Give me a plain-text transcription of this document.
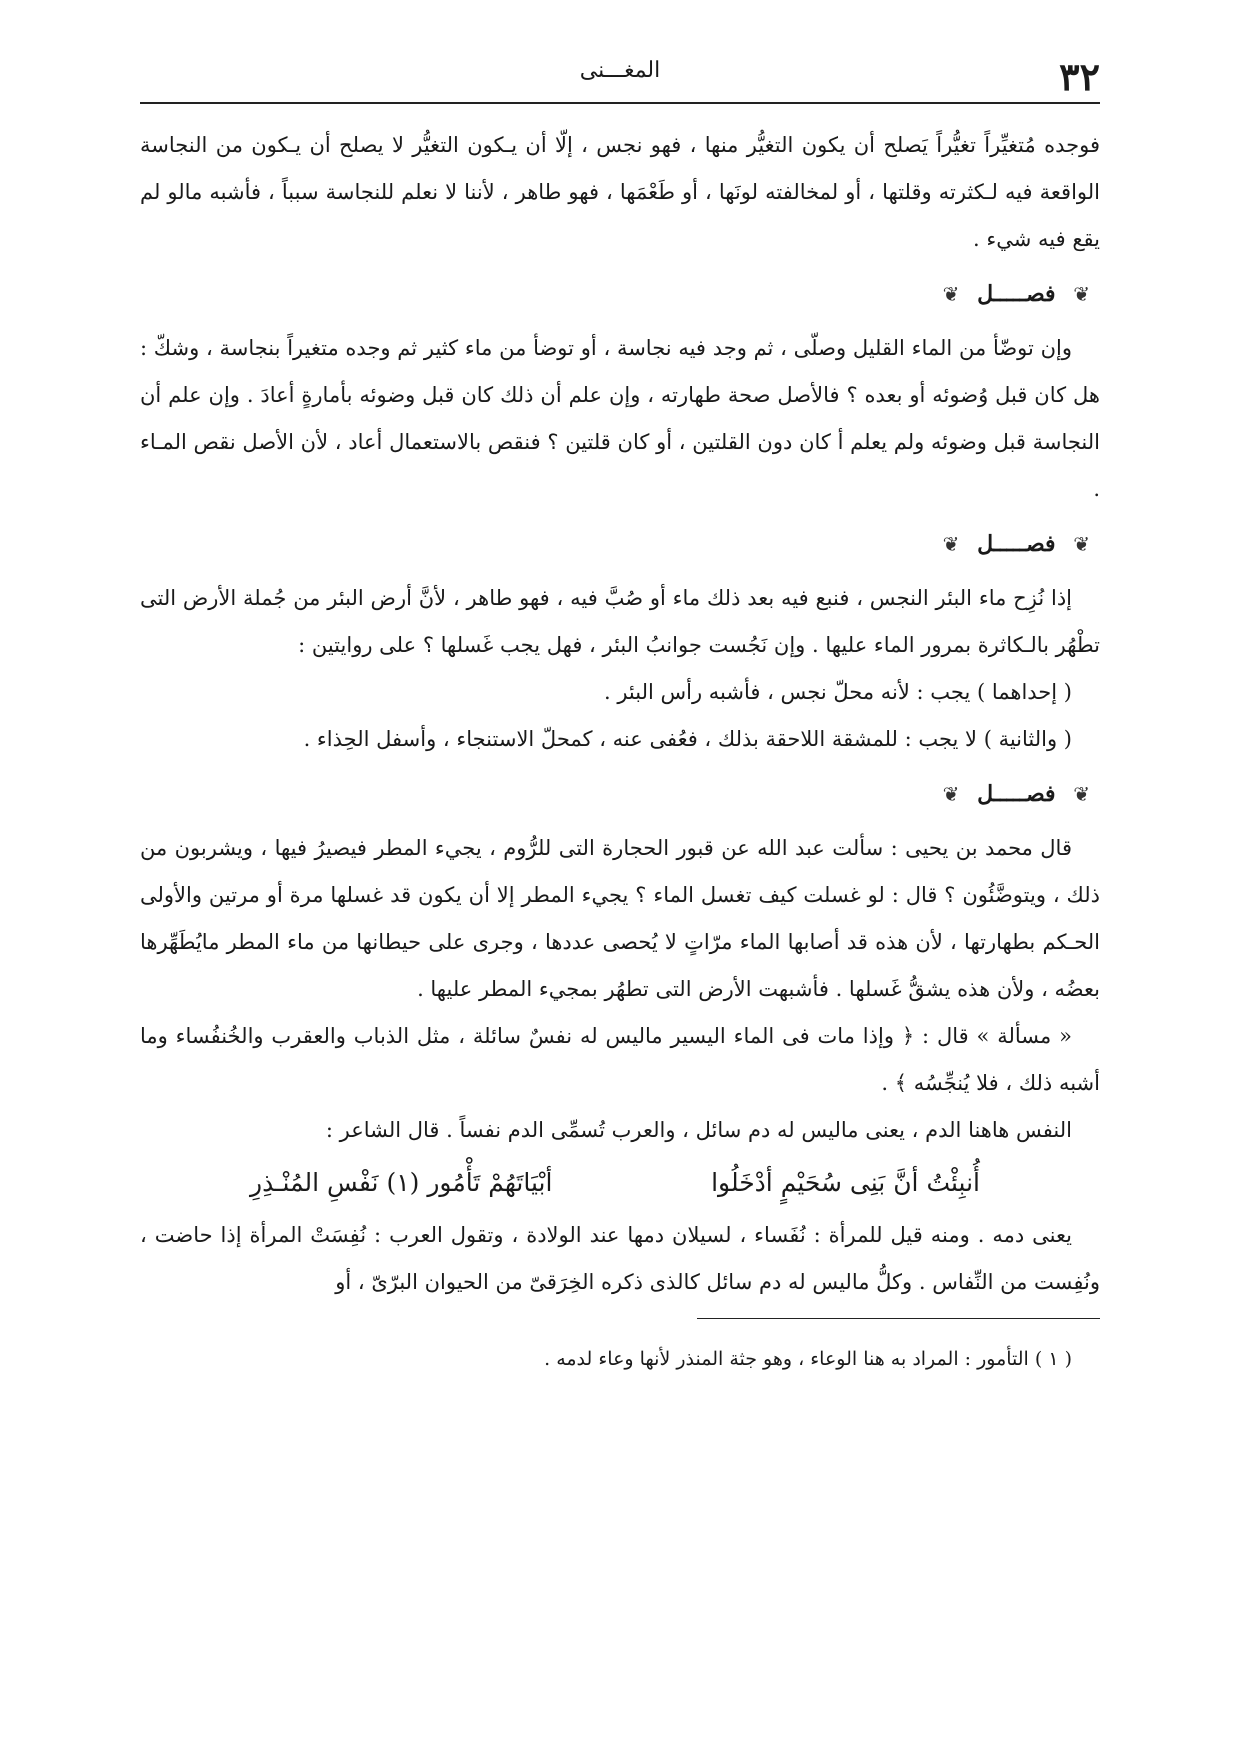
٣٢
المغـــنى

فوجده مُتغيِّراً تغيُّراً يَصلح أن يكون التغيُّر منها ، فهو نجس ، إلّا أن يـكون التغيُّر لا يصلح أن يـكون من النجاسة الواقعة فيه لـكثرته وقلتها ، أو لمخالفته لونَها ، أو طَعْمَها ، فهو طاهر ، لأننا لا نعلم للنجاسة سبباً ، فأشبه مالو لم يقع فيه شيء .

❦ فصـــــل ❦

وإن توضّأ من الماء القليل وصلّى ، ثم وجد فيه نجاسة ، أو توضأ من ماء كثير ثم وجده متغيراً بنجاسة ، وشكّ : هل كان قبل وُضوئه أو بعده ؟ فالأصل صحة طهارته ، وإن علم أن ذلك كان قبل وضوئه بأمارةٍ أعادَ . وإن علم أن النجاسة قبل وضوئه ولم يعلم أ كان دون القلتين ، أو كان قلتين ؟ فنقص بالاستعمال أعاد ، لأن الأصل نقص المـاء .

❦ فصـــــل ❦

إذا نُزِح ماء البئر النجس ، فنبع فيه بعد ذلك ماء أو صُبَّ فيه ، فهو طاهر ، لأنَّ أرض البئر من جُملة الأرض التى تطْهُر بالـكاثرة بمرور الماء عليها . وإن نَجُست جوانبُ البئر ، فهل يجب غَسلها ؟ على روايتين :

( إحداهما ) يجب : لأنه محلّ نجس ، فأشبه رأس البئر .

( والثانية ) لا يجب : للمشقة اللاحقة بذلك ، فعُفى عنه ، كمحلّ الاستنجاء ، وأسفل الحِذاء .

❦ فصـــــل ❦

قال محمد بن يحيى : سألت عبد الله عن قبور الحجارة التى للرُّوم ، يجيء المطر فيصيرُ فيها ، ويشربون من ذلك ، ويتوضَّئُون ؟ قال : لو غسلت كيف تغسل الماء ؟ يجيء المطر إلا أن يكون قد غسلها مرة أو مرتين والأولى الحـكم بطهارتها ، لأن هذه قد أصابها الماء مرّاتٍ لا يُحصى عددها ، وجرى على حيطانها من ماء المطر مايُطَهِّرها بعضُه ، ولأن هذه يشقُّ غَسلها . فأشبهت الأرض التى تطهُر بمجيء المطر عليها .

« مسألة » قال : ﴿ وإذا مات فى الماء اليسير ماليس له نفسٌ سائلة ، مثل الذباب والعقرب والخُنفُساء وما أشبه ذلك ، فلا يُنجِّسُه ﴾ .

النفس هاهنا الدم ، يعنى ماليس له دم سائل ، والعرب تُسمِّى الدم نفساً . قال الشاعر :

أُنبِئْتُ أنَّ بَنِى سُحَيْمٍ أدْخَلُوا
أبْيَاتَهُمْ تَأْمُور (١) نَفْسِ المُنْـذِرِ

يعنى دمه . ومنه قيل للمرأة : نُفَساء ، لسيلان دمها عند الولادة ، وتقول العرب : نُفِسَتْ المرأة إذا حاضت ، ونُفِست من النِّفاس . وكلُّ ماليس له دم سائل كالذى ذكره الخِرَقىّ من الحيوان البرّىّ ، أو

( ١ ) التأمور : المراد به هنا الوعاء ، وهو جثة المنذر لأنها وعاء لدمه .
